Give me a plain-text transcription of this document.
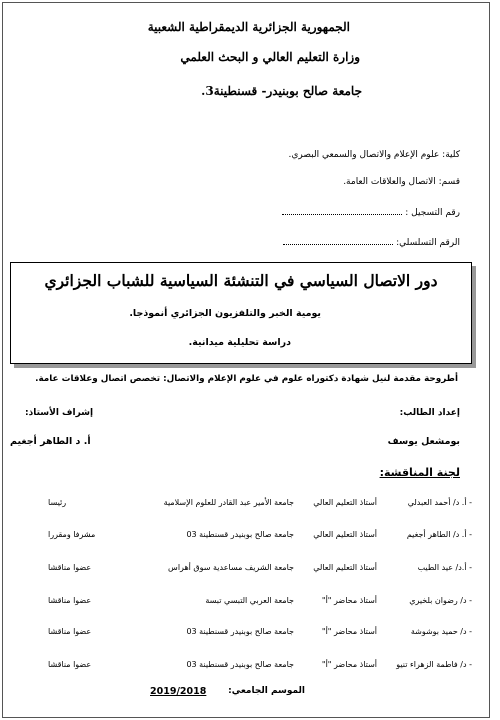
الجمهورية الجزائرية الديمقراطية الشعبية
وزارة التعليم العالي و البحث العلمي
جامعة صالح بوبنيدر- قسنطينة3.
كلية: علوم الإعلام والاتصال والسمعي البصري.
قسم: الاتصال والعلاقات العامة.
رقم التسجيل :
الرقم التسلسلي:
دور الاتصال السياسي في التنشئة السياسية للشباب الجزائري
يومية الخبر والتلفزيون الجزائري أنموذجا.
دراسة تحليلية ميدانية.
أطروحة مقدمة لنيل شهادة دكتوراه علوم في علوم الإعلام والاتصال: تخصص اتصال وعلاقات عامة.
إعداد الطالب:
إشراف الأستاذ:
بومشعل يوسف
أ. د الطاهر أجغيم
لجنة المناقشة:
- أ. د/ أحمد العبدلي
أستاذ التعليم العالي
جامعة الأمير عبد القادر للعلوم الإسلامية
رئيسا
- أ. د/ الطاهر أجغيم
أستاذ التعليم العالي
جامعة صالح بوبنيدر قسنطينة 03
مشرفا ومقررا
- أ.د/ عيد الطيب
أستاذ التعليم العالي
جامعة الشريف مساعدية سوق أهراس
عضوا مناقشا
- د/ رضوان بلخيري
أستاذ محاضر "أ"
جامعة العربي التبسي تبسة
عضوا مناقشا
- د/ حميد بوشوشة
أستاذ محاضر "أ"
جامعة صالح بوبنيدر قسنطينة 03
عضوا مناقشا
- د/ فاطمة الزهراء تنيو
أستاذ محاضر "أ"
جامعة صالح بوبنيدر قسنطينة 03
عضوا مناقشا
الموسم الجامعي:
2019/2018
